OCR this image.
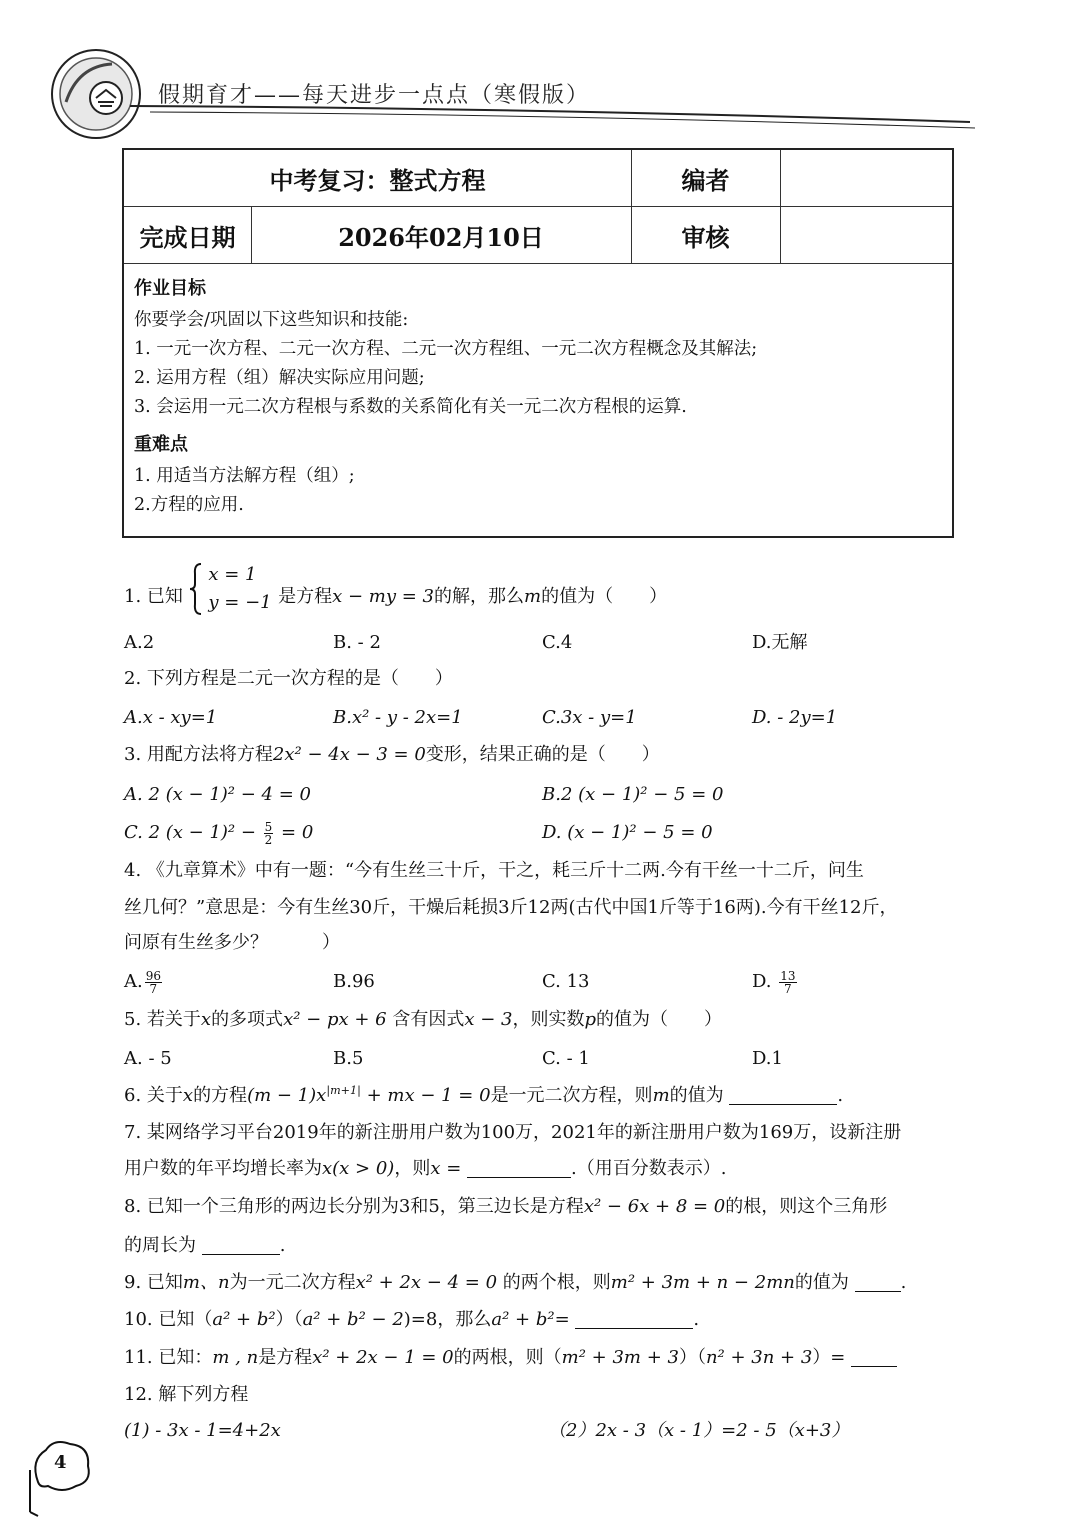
假期育才——每天进步一点点（寒假版）
中考复习：整式方程	编者
完成日期	2026年02月10日	审核
作业目标
你要学会/巩固以下这些知识和技能:
1. 一元一次方程、二元一次方程、二元一次方程组、一元二次方程概念及其解法;
2. 运用方程（组）解决实际应用问题;
3. 会运用一元二次方程根与系数的关系简化有关一元二次方程根的运算.
重难点
1. 用适当方法解方程（组）;
2.方程的应用.
1. 已知

x = 1
y = −1 是方程x − my = 3的解，那么m的值为（　　）
A.2	B. - 2	C.4	D.无解
2. 下列方程是二元一次方程的是（　　）
A.x - xy=1	B.x² - y - 2x=1	C.3x - y=1	D. - 2y=1
3. 用配方法将方程2x² − 4x − 3 = 0变形，结果正确的是（　　）
A. 2 (x − 1)² − 4 = 0	B.2 (x − 1)² − 5 = 0
C. 2 $(x - 1)^2 - \frac{5}{2} = 0$	D. (x − 1)² − 5 = 0
4. 《九章算术》中有一题：“今有生丝三十斤，干之，耗三斤十二两.今有干丝一十二斤，问生
丝几何？”意思是：今有生丝30斤，干燥后耗损3斤12两(古代中国1斤等于16两).今有干丝12斤，
问原有生丝多少？　　　）
A. $\frac{96}{7}$	B.96	C. 13	D. $\frac{13}{7}$
5. 若关于x的多项式x² − px + 6 含有因式x − 3，则实数p的值为（　　）
A. - 5	B.5	C. - 1	D.1
6. 关于x的方程$(m - 1)x^{|m+1|}$ + mx − 1 = 0是一元二次方程，则m的值为	.
7. 某网络学习平台2019年的新注册用户数为100万，2021年的新注册用户数为169万，设新注册
用户数的年平均增长率为x(x > 0)，则x =	.（用百分数表示）.
8. 已知一个三角形的两边长分别为3和5，第三边长是方程x² − 6x + 8 = 0的根，则这个三角形
的周长为	.
9. 已知m、n为一元二次方程x² + 2x − 4 = 0 的两个根，则m² + 3m + n − 2mn的值为	.
10. 已知（a² + b²）（a² + b² − 2)=8，那么a² + b²=	.
11. 已知：m , n是方程x² + 2x − 1 = 0的两根，则（m² + 3m + 3）（n² + 3n + 3）=
12. 解下列方程
(1) - 3x - 1=4+2x	（2）2x - 3（x - 1）=2 - 5（x+3）
4
